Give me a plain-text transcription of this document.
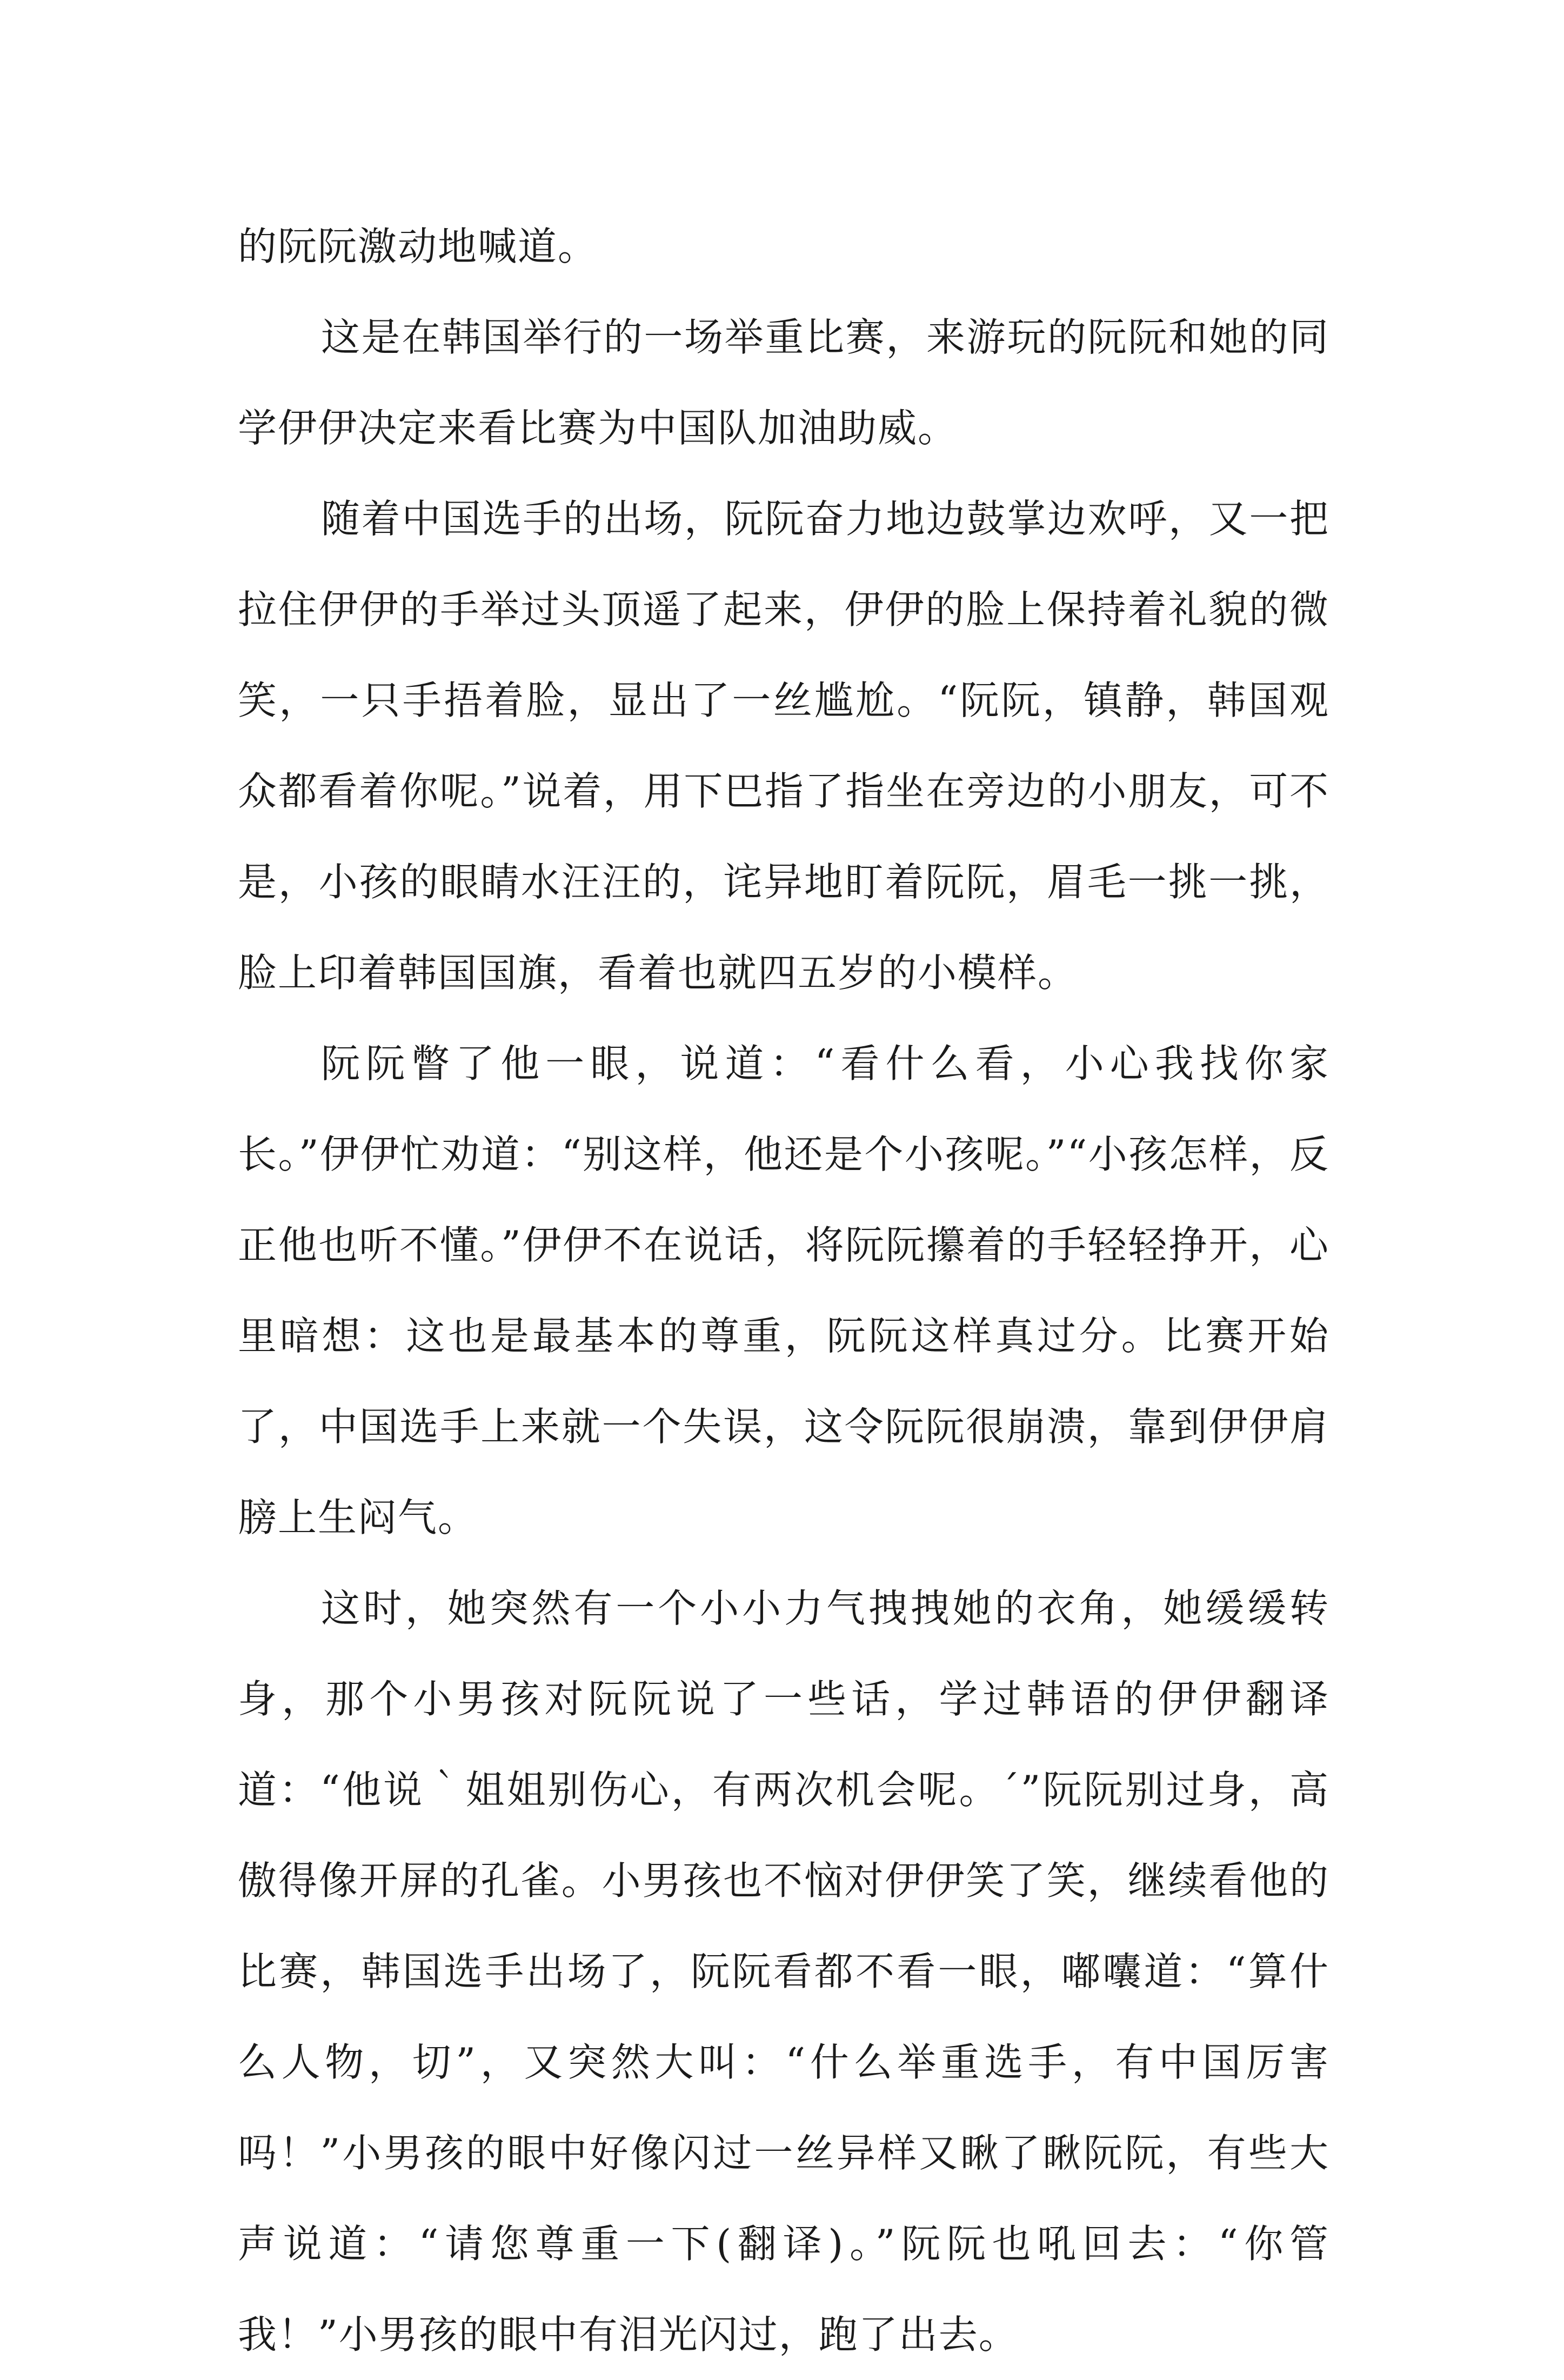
的阮阮激动地喊道。

这是在韩国举行的一场举重比赛，来游玩的阮阮和她的同学伊伊决定来看比赛为中国队加油助威。

随着中国选手的出场，阮阮奋力地边鼓掌边欢呼，又一把拉住伊伊的手举过头顶遥了起来，伊伊的脸上保持着礼貌的微笑，一只手捂着脸，显出了一丝尴尬。“阮阮，镇静，韩国观众都看着你呢。”说着，用下巴指了指坐在旁边的小朋友，可不是，小孩的眼睛水汪汪的，诧异地盯着阮阮，眉毛一挑一挑，脸上印着韩国国旗，看着也就四五岁的小模样。

阮阮瞥了他一眼，说道：“看什么看，小心我找你家长。”伊伊忙劝道：“别这样，他还是个小孩呢。”“小孩怎样，反正他也听不懂。”伊伊不在说话，将阮阮攥着的手轻轻挣开，心里暗想：这也是最基本的尊重，阮阮这样真过分。比赛开始了，中国选手上来就一个失误，这令阮阮很崩溃，靠到伊伊肩膀上生闷气。

这时，她突然有一个小小力气拽拽她的衣角，她缓缓转身，那个小男孩对阮阮说了一些话，学过韩语的伊伊翻译道：“他说｀姐姐别伤心，有两次机会呢。´”阮阮别过身，高傲得像开屏的孔雀。小男孩也不恼对伊伊笑了笑，继续看他的比赛，韩国选手出场了，阮阮看都不看一眼，嘟囔道：“算什么人物，切”，又突然大叫：“什么举重选手，有中国厉害吗！”小男孩的眼中好像闪过一丝异样又瞅了瞅阮阮，有些大声说道：“请您尊重一下(翻译)。”阮阮也吼回去：“你管我！”小男孩的眼中有泪光闪过，跑了出去。
